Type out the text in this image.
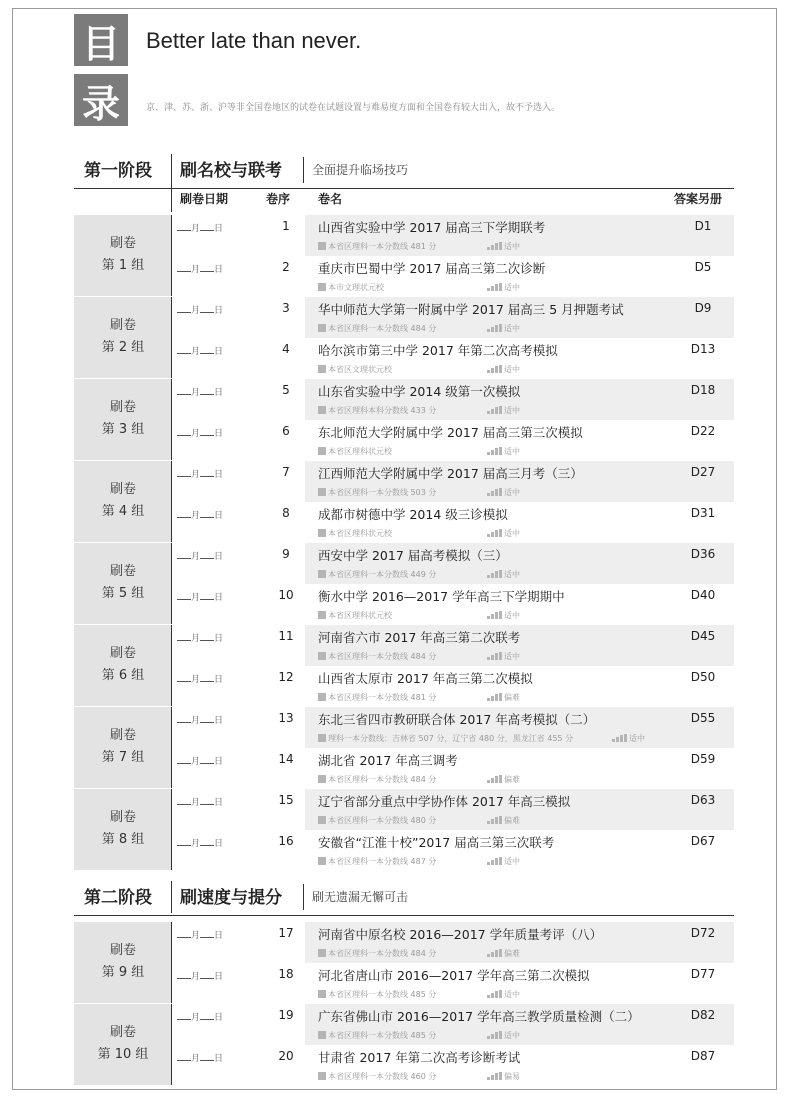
目
录
Better late than never.
京、津、苏、浙、沪等非全国卷地区的试卷在试题设置与难易度方面和全国卷有较大出入，故不予选入。
第一阶段 刷名校与联考	全面提升临场技巧
刷卷日期	卷序 卷名	答案另册
第二阶段 刷速度与提分	刷无遗漏无懈可击
刷卷
第 1 组
月 日	1	山西省实验中学 2017 届高三下学期联考	D1
本省区理科一本分数线 481 分	适中
月 日	2	重庆市巴蜀中学 2017 届高三第二次诊断	D5
本市文理状元校	适中
刷卷
第 2 组
月 日	3	华中师范大学第一附属中学 2017 届高三 5 月押题考试	D9
本省区理科一本分数线 484 分	适中
月 日	4	哈尔滨市第三中学 2017 年第二次高考模拟	D13
本省区文理状元校	适中
刷卷
第 3 组
月 日	5	山东省实验中学 2014 级第一次模拟	D18
本省区理科本科分数线 433 分	适中
月 日	6	东北师范大学附属中学 2017 届高三第三次模拟	D22
本省区理科状元校	适中
刷卷
第 4 组
月 日	7	江西师范大学附属中学 2017 届高三月考（三）	D27
本省区理科一本分数线 503 分	适中
月 日	8	成都市树德中学 2014 级三诊模拟	D31
本省区理科状元校	适中
刷卷
第 5 组
月 日	9	西安中学 2017 届高考模拟（三）	D36
本省区理科一本分数线 449 分	适中
月 日	10	衡水中学 2016—2017 学年高三下学期期中	D40
本省区理科状元校	适中
刷卷
第 6 组
月 日	11	河南省六市 2017 年高三第二次联考	D45
本省区理科一本分数线 484 分	适中
月 日	12	山西省太原市 2017 年高三第二次模拟	D50
本省区理科一本分数线 481 分	偏难
刷卷
第 7 组
月 日	13	东北三省四市教研联合体 2017 年高考模拟（二）	D55
理科一本分数线：吉林省 507 分，辽宁省 480 分，黑龙江省 455 分	适中
月 日	14	湖北省 2017 年高三调考	D59
本省区理科一本分数线 484 分	偏难
刷卷
第 8 组
月 日	15	辽宁省部分重点中学协作体 2017 年高三模拟	D63
本省区理科一本分数线 480 分	偏难
月 日	16	安徽省“江淮十校”2017 届高三第三次联考	D67
本省区理科一本分数线 487 分	适中
刷卷
第 9 组
月 日	17	河南省中原名校 2016—2017 学年质量考评（八）	D72
本省区理科一本分数线 484 分	偏难
月 日	18	河北省唐山市 2016—2017 学年高三第二次模拟	D77
本省区理科一本分数线 485 分	适中
刷卷
第 10 组
月 日	19	广东省佛山市 2016—2017 学年高三教学质量检测（二）	D82
本省区理科一本分数线 485 分	适中
月 日	20	甘肃省 2017 年第二次高考诊断考试	D87
本省区理科一本分数线 460 分	偏易
